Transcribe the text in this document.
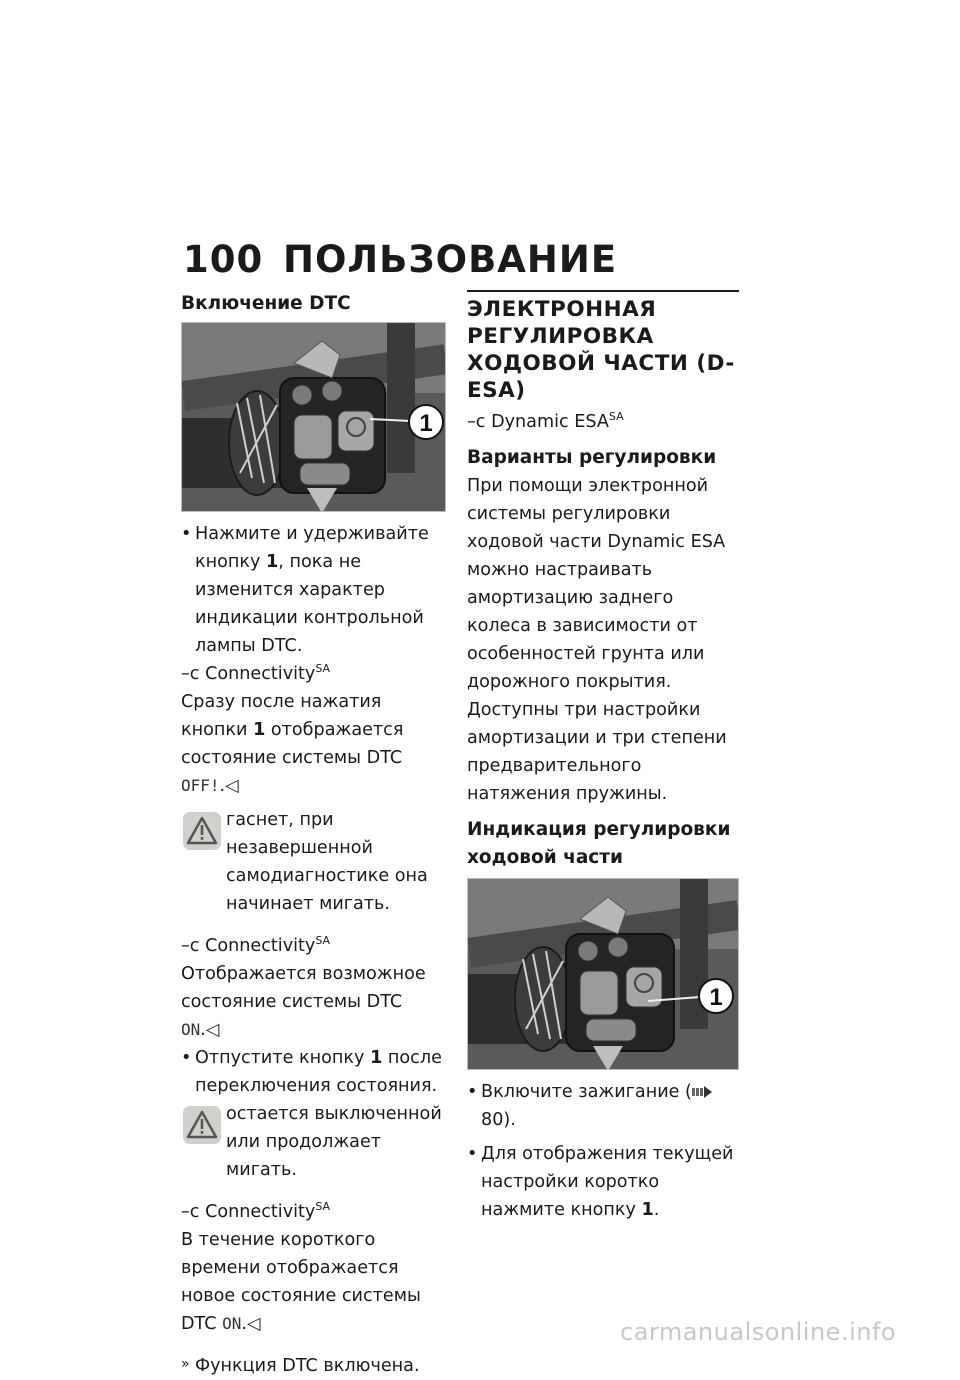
100 ПОЛЬЗОВАНИЕ
Включение DTC
1

• Нажмите и удерживайте кнопку 1, пока не изменится характер индикации контрольной лампы DTC.

–с Connectivity$^{SA}$
Сразу после нажатия кнопки 1 отображается состояние системы DTC OFF!.◁

гаснет, при незавершенной самодиагностике она начинает мигать.

–с Connectivity$^{SA}$
Отображается возможное состояние системы DTC ON.◁

• Отпустите кнопку 1 после переключения состояния.

остается выключенной или продолжает мигать.

–с Connectivity$^{SA}$
В течение короткого времени отображается новое состояние системы DTC ON.◁

» Функция DTC включена.

ЭЛЕКТРОННАЯ РЕГУЛИРОВКА ХОДОВОЙ ЧАСТИ (D-ESA)

–с Dynamic $ESA^{SA}$

Варианты регулировки

При помощи электронной системы регулировки ходовой части Dynamic ESA можно настраивать амортизацию заднего колеса в зависимости от особенностей грунта или дорожного покрытия. Доступны три настройки амортизации и три степени предварительного натяжения пружины.

Индикация регулировки ходовой части
1

• Включите зажигание (80).

• Для отображения текущей настройки коротко нажмите кнопку 1.

carmanualsonline.info
